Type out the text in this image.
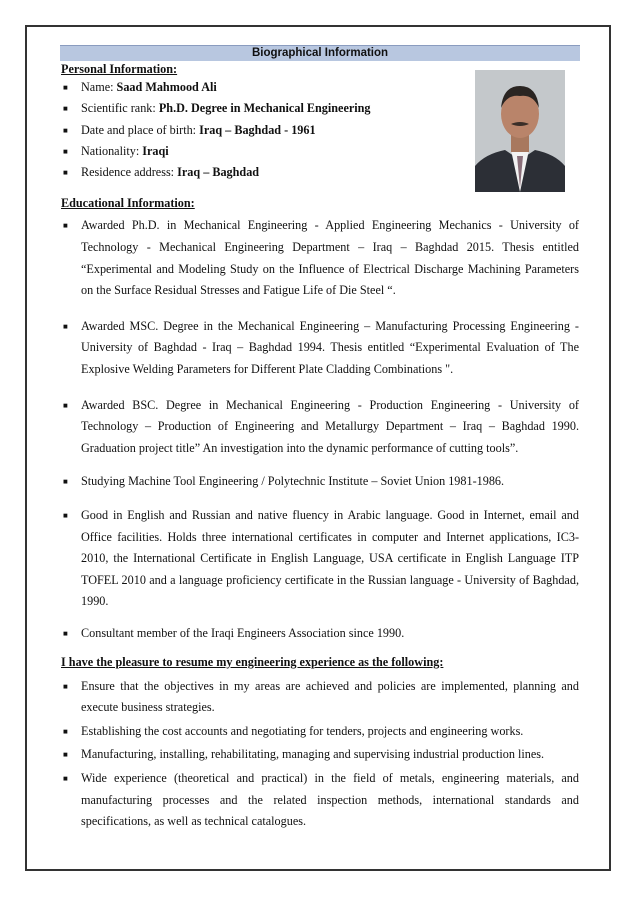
Biographical Information

Personal Information:

■ Name: Saad Mahmood Ali
■ Scientific rank: Ph.D. Degree in Mechanical Engineering
■ Date and place of birth: Iraq – Baghdad - 1961
■ Nationality: Iraqi
■ Residence address: Iraq – Baghdad

Educational Information:

■ Awarded Ph.D. in Mechanical Engineering - Applied Engineering Mechanics - University of Technology - Mechanical Engineering Department – Iraq – Baghdad 2015. Thesis entitled “Experimental and Modeling Study on the Influence of Electrical Discharge Machining Parameters on the Surface Residual Stresses and Fatigue Life of Die Steel “.
■ Awarded MSC. Degree in the Mechanical Engineering – Manufacturing Processing Engineering - University of Baghdad - Iraq – Baghdad 1994. Thesis entitled “Experimental Evaluation of The Explosive Welding Parameters for Different Plate Cladding Combinations ".
■ Awarded BSC. Degree in Mechanical Engineering - Production Engineering - University of Technology – Production of Engineering and Metallurgy Department – Iraq – Baghdad 1990. Graduation project title” An investigation into the dynamic performance of cutting tools”.
■ Studying Machine Tool Engineering / Polytechnic Institute – Soviet Union 1981-1986.
■ Good in English and Russian and native fluency in Arabic language. Good in Internet, email and Office facilities. Holds three international certificates in computer and Internet applications, IC3-2010, the International Certificate in English Language, USA certificate in English Language ITP TOFEL 2010 and a language proficiency certificate in the Russian language - University of Baghdad, 1990.
■ Consultant member of the Iraqi Engineers Association since 1990.

I have the pleasure to resume my engineering experience as the following:

■ Ensure that the objectives in my areas are achieved and policies are implemented, planning and execute business strategies.
■ Establishing the cost accounts and negotiating for tenders, projects and engineering works.
■ Manufacturing, installing, rehabilitating, managing and supervising industrial production lines.
■ Wide experience (theoretical and practical) in the field of metals, engineering materials, and manufacturing processes and the related inspection methods, international standards and specifications, as well as technical catalogues.
